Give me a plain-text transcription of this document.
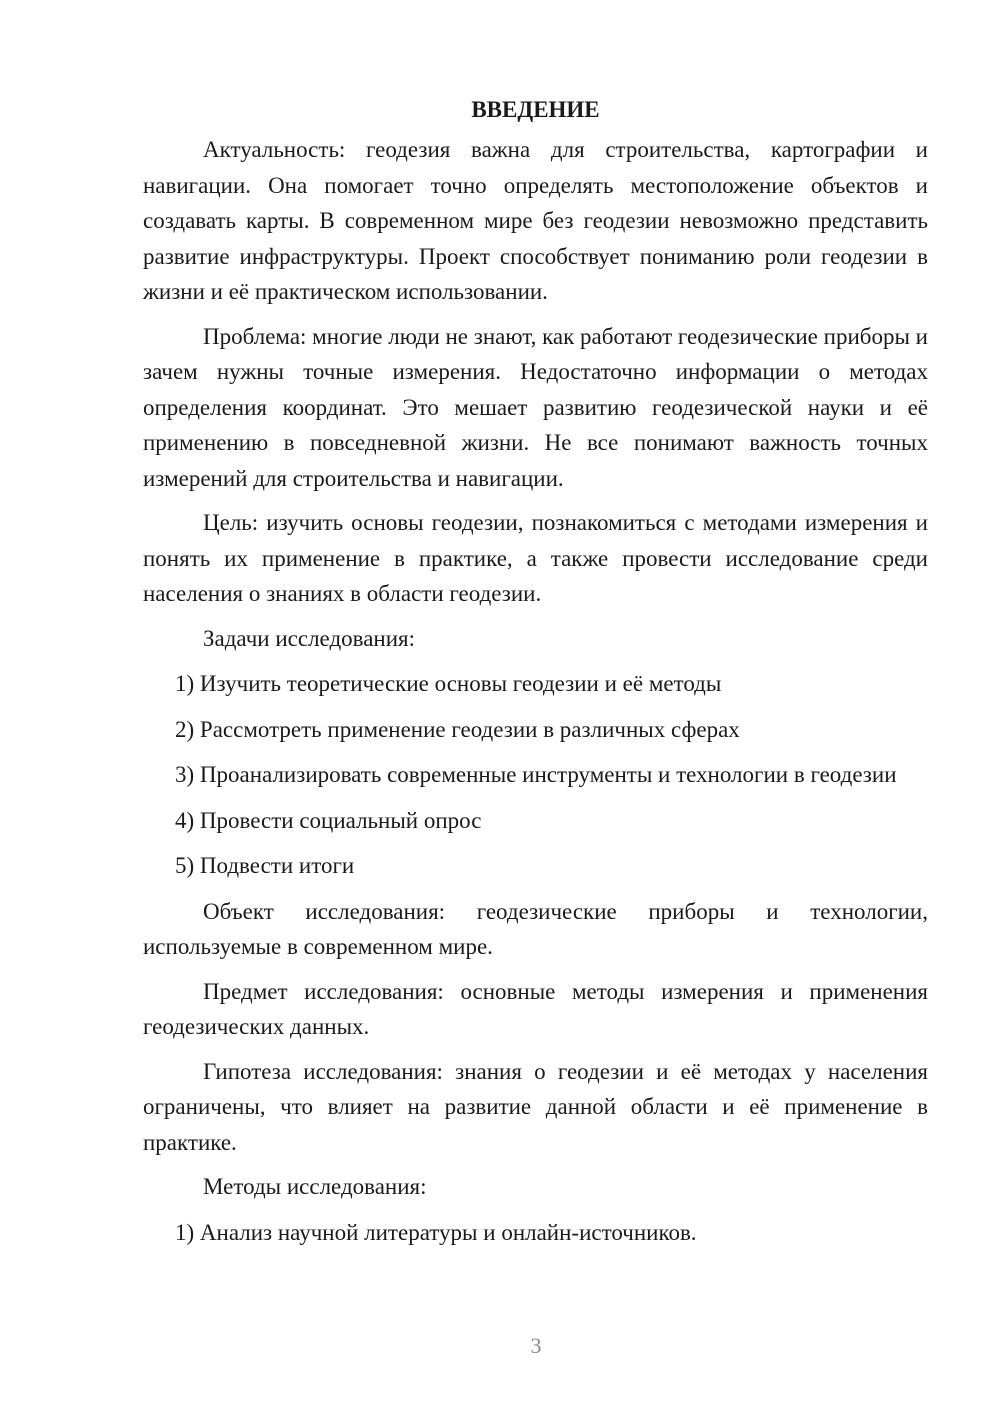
ВВЕДЕНИЕ

Актуальность: геодезия важна для строительства, картографии и навигации. Она помогает точно определять местоположение объектов и создавать карты. В современном мире без геодезии невозможно представить развитие инфраструктуры. Проект способствует пониманию роли геодезии в жизни и её практическом использовании.

Проблема: многие люди не знают, как работают геодезические приборы и зачем нужны точные измерения. Недостаточно информации о методах определения координат. Это мешает развитию геодезической науки и её применению в повседневной жизни. Не все понимают важность точных измерений для строительства и навигации.

Цель: изучить основы геодезии, познакомиться с методами измерения и понять их применение в практике, а также провести исследование среди населения о знаниях в области геодезии.

Задачи исследования:

1) Изучить теоретические основы геодезии и её методы

2) Рассмотреть применение геодезии в различных сферах

3) Проанализировать современные инструменты и технологии в геодезии

4) Провести социальный опрос

5) Подвести итоги

Объект исследования: геодезические приборы и технологии, используемые в современном мире.

Предмет исследования: основные методы измерения и применения геодезических данных.

Гипотеза исследования: знания о геодезии и её методах у населения ограничены, что влияет на развитие данной области и её применение в практике.

Методы исследования:

1) Анализ научной литературы и онлайн-источников.

3
